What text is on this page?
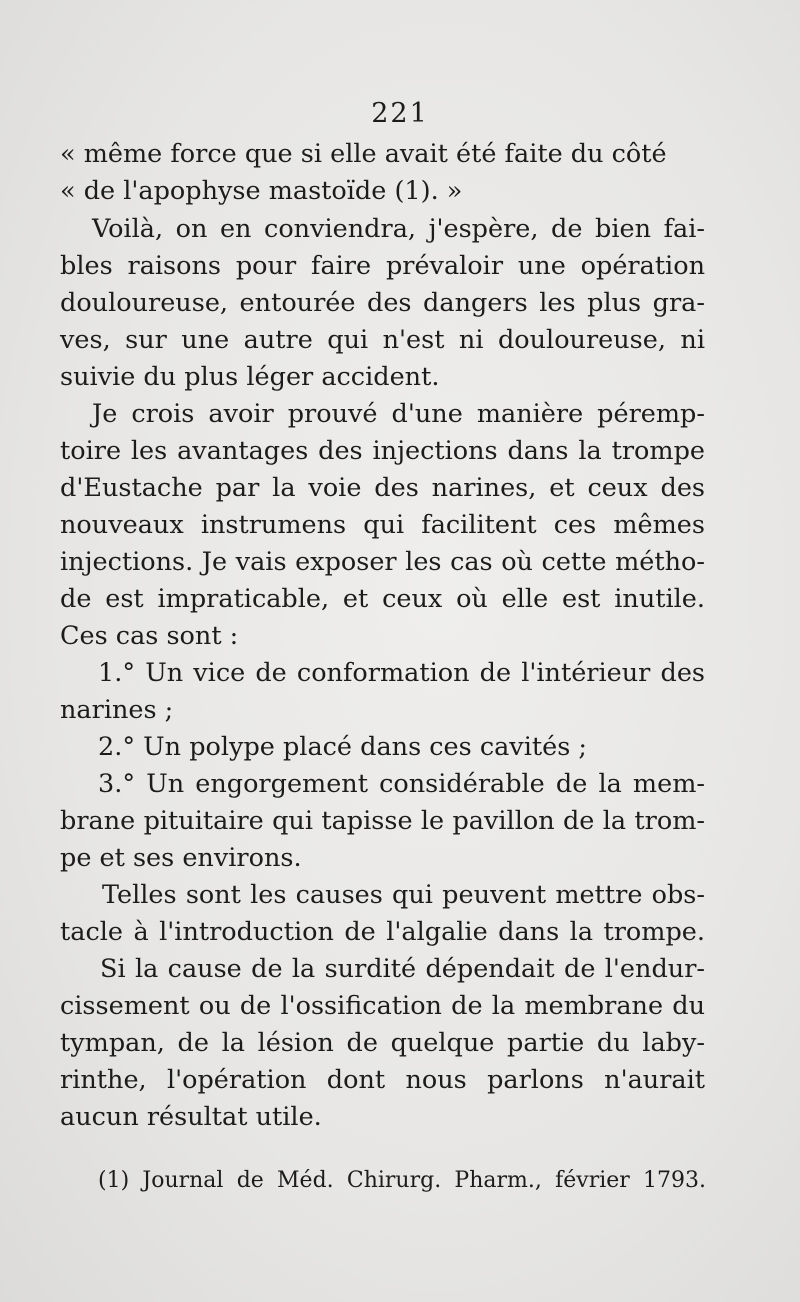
221
« même force que si elle avait été faite du côté
« de l'apophyse mastoïde (1). »
Voilà, on en conviendra, j'espère, de bien fai-
bles raisons pour faire prévaloir une opération
douloureuse, entourée des dangers les plus gra-
ves, sur une autre qui n'est ni douloureuse, ni
suivie du plus léger accident.
Je crois avoir prouvé d'une manière péremp-
toire les avantages des injections dans la trompe
d'Eustache par la voie des narines, et ceux des
nouveaux instrumens qui facilitent ces mêmes
injections. Je vais exposer les cas où cette métho-
de est impraticable, et ceux où elle est inutile.
Ces cas sont :
1.° Un vice de conformation de l'intérieur des
narines ;
2.° Un polype placé dans ces cavités ;
3.° Un engorgement considérable de la mem-
brane pituitaire qui tapisse le pavillon de la trom-
pe et ses environs.
Telles sont les causes qui peuvent mettre obs-
tacle à l'introduction de l'algalie dans la trompe.
Si la cause de la surdité dépendait de l'endur-
cissement ou de l'ossification de la membrane du
tympan, de la lésion de quelque partie du laby-
rinthe, l'opération dont nous parlons n'aurait
aucun résultat utile.
(1) Journal de Méd. Chirurg. Pharm., février 1793.
